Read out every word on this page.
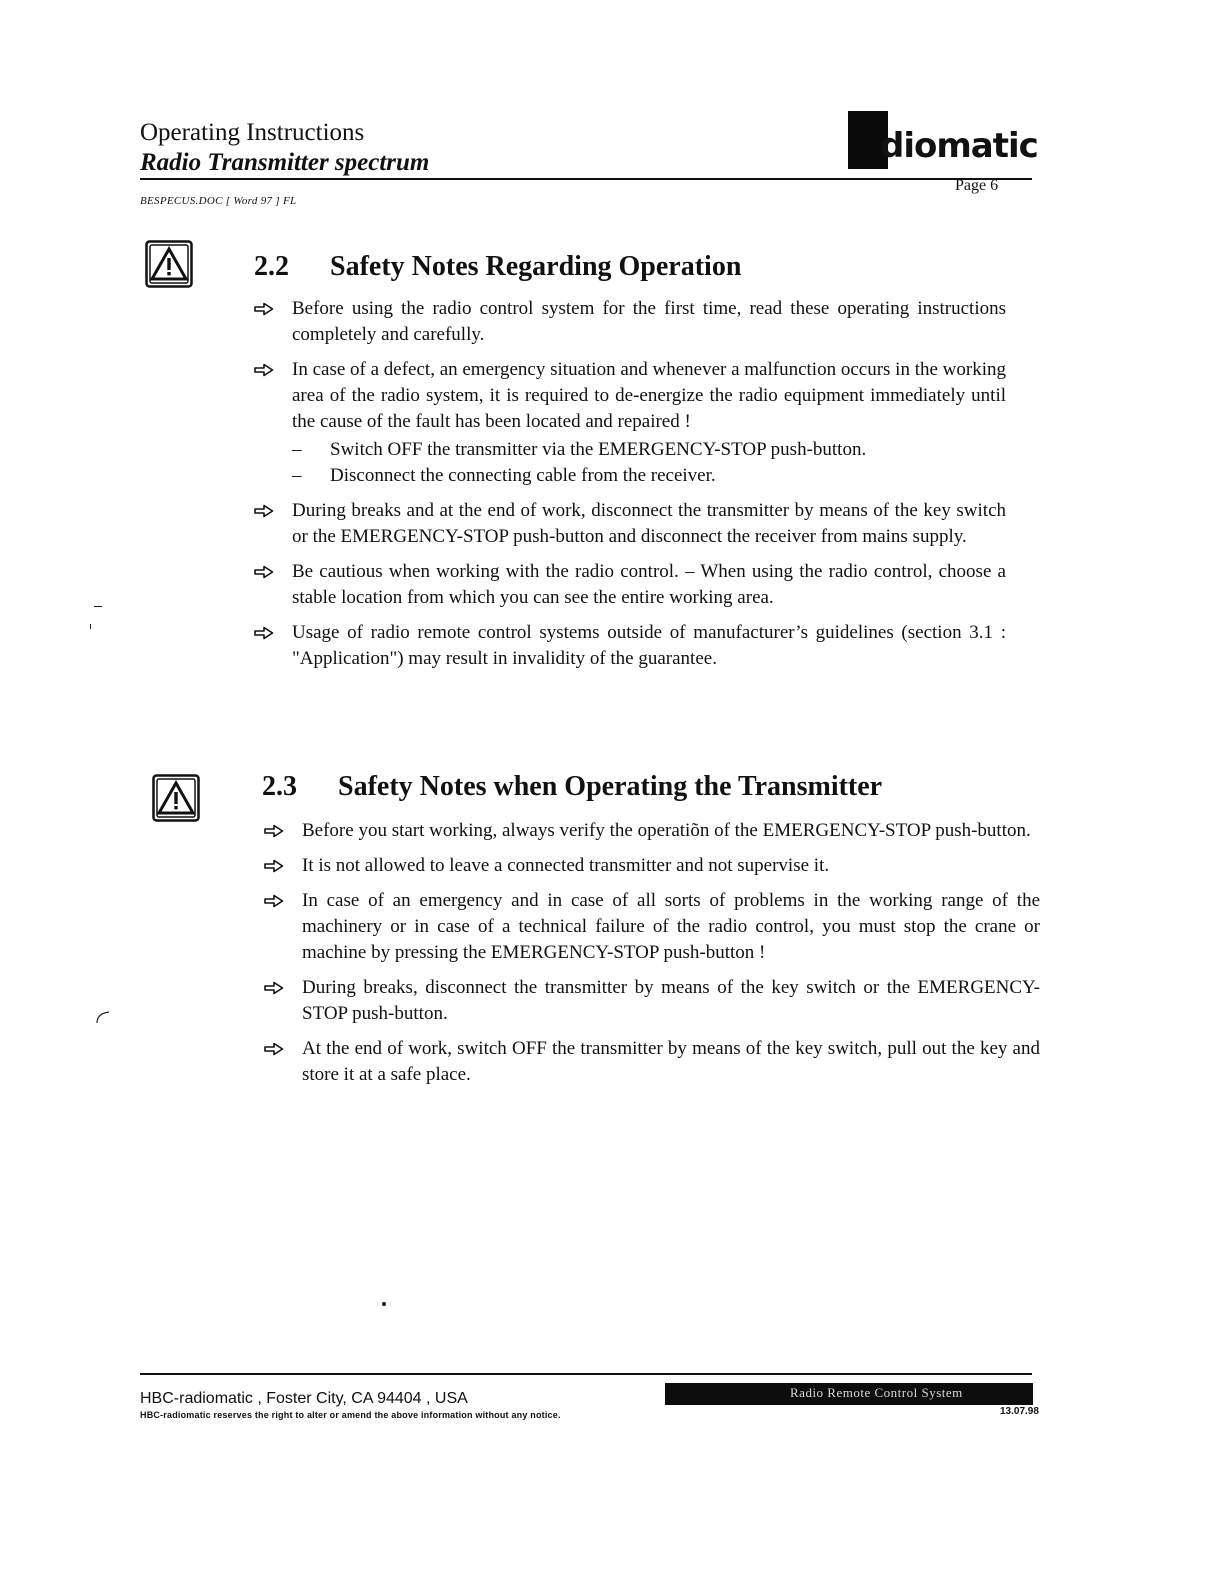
Operating Instructions
Radio Transmitter spectrum	diomatic
Page 6
BESPECUS.DOC [ Word 97 ] FL
2.2 Safety Notes Regarding Operation
Before using the radio control system for the first time, read these operating instructions completely and carefully.
In case of a defect, an emergency situation and whenever a malfunction occurs in the working area of the radio system, it is required to de-energize the radio equipment immediately until the cause of the fault has been located and repaired !
– Switch OFF the transmitter via the EMERGENCY-STOP push-button.
– Disconnect the connecting cable from the receiver.
During breaks and at the end of work, disconnect the transmitter by means of the key switch or the EMERGENCY-STOP push-button and disconnect the receiver from mains supply.
Be cautious when working with the radio control. – When using the radio control, choose a stable location from which you can see the entire working area.
Usage of radio remote control systems outside of manufacturer’s guidelines (section 3.1 : "Application") may result in invalidity of the guarantee.
2.3 Safety Notes when Operating the Transmitter
Before you start working, always verify the operatiõn of the EMERGENCY-STOP push-button.
It is not allowed to leave a connected transmitter and not supervise it.
In case of an emergency and in case of all sorts of problems in the working range of the machinery or in case of a technical failure of the radio control, you must stop the crane or machine by pressing the EMERGENCY-STOP push-button !
During breaks, disconnect the transmitter by means of the key switch or the EMERGENCY-STOP push-button.
At the end of work, switch OFF the transmitter by means of the key switch, pull out the key and store it at a safe place.
Radio Remote Control System
HBC-radiomatic , Foster City, CA 94404 , USA
HBC-radiomatic reserves the right to alter or amend the above information without any notice.	13.07.98
